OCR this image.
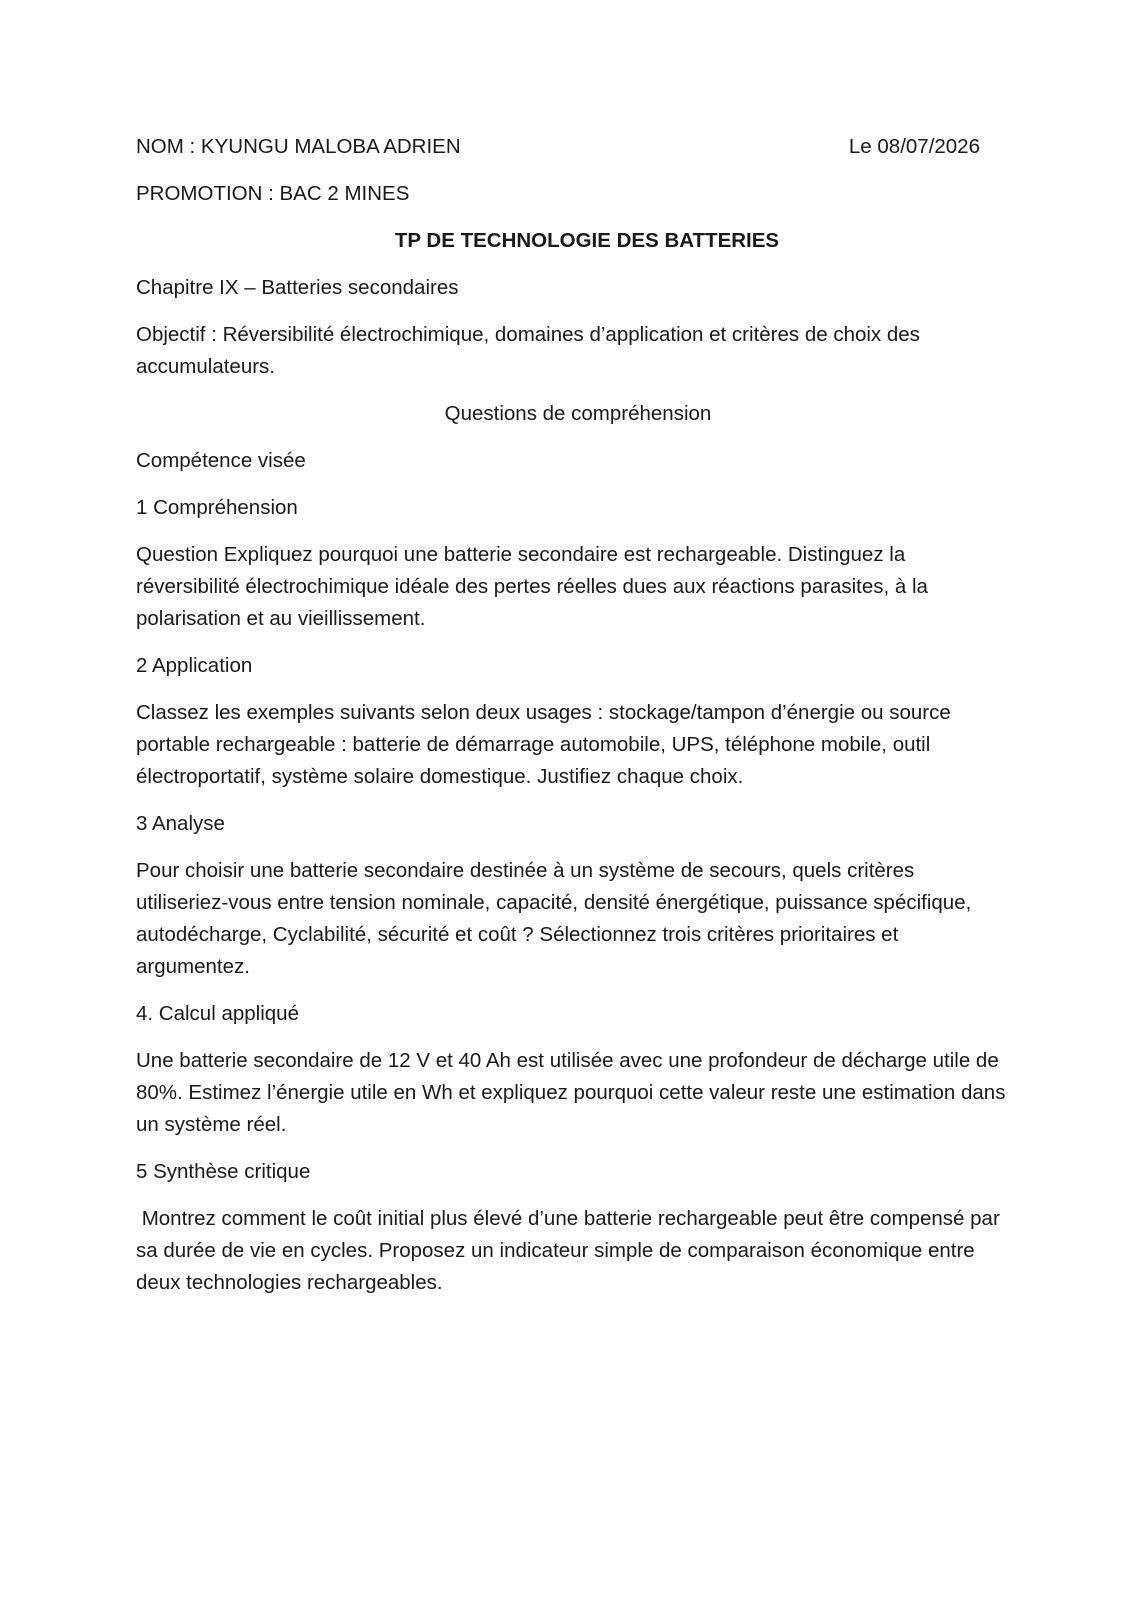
NOM : KYUNGU MALOBA ADRIEN	Le 08/07/2026
PROMOTION : BAC 2 MINES
TP DE TECHNOLOGIE DES BATTERIES
Chapitre IX – Batteries secondaires
Objectif : Réversibilité électrochimique, domaines d’application et critères de choix des accumulateurs.
Questions de compréhension
Compétence visée
1 Compréhension
Question Expliquez pourquoi une batterie secondaire est rechargeable. Distinguez la réversibilité électrochimique idéale des pertes réelles dues aux réactions parasites, à la polarisation et au vieillissement.
2 Application
Classez les exemples suivants selon deux usages : stockage/tampon d’énergie ou source portable rechargeable : batterie de démarrage automobile, UPS, téléphone mobile, outil électroportatif, système solaire domestique. Justifiez chaque choix.
3 Analyse
Pour choisir une batterie secondaire destinée à un système de secours, quels critères utiliseriez-vous entre tension nominale, capacité, densité énergétique, puissance spécifique, autodécharge, Cyclabilité, sécurité et coût ? Sélectionnez trois critères prioritaires et argumentez.
4. Calcul appliqué
Une batterie secondaire de 12 V et 40 Ah est utilisée avec une profondeur de décharge utile de 80%. Estimez l’énergie utile en Wh et expliquez pourquoi cette valeur reste une estimation dans un système réel.
5 Synthèse critique
Montrez comment le coût initial plus élevé d’une batterie rechargeable peut être compensé par sa durée de vie en cycles. Proposez un indicateur simple de comparaison économique entre deux technologies rechargeables.
